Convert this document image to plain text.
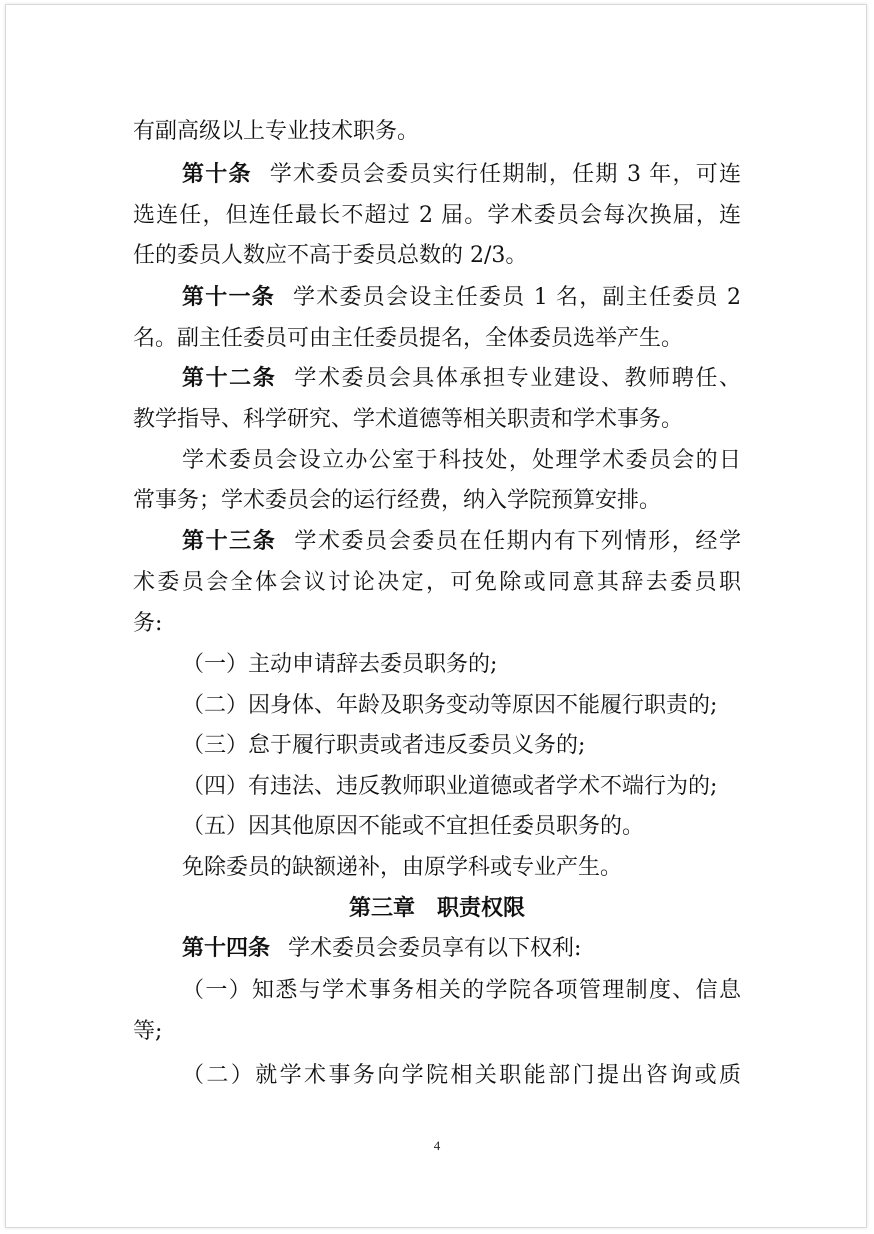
有副高级以上专业技术职务。
第十条 学术委员会委员实行任期制，任期 3 年，可连
选连任，但连任最长不超过 2 届。学术委员会每次换届，连
任的委员人数应不高于委员总数的 2/3。
第十一条 学术委员会设主任委员 1 名，副主任委员 2
名。副主任委员可由主任委员提名，全体委员选举产生。
第十二条 学术委员会具体承担专业建设、教师聘任、
教学指导、科学研究、学术道德等相关职责和学术事务。
学术委员会设立办公室于科技处，处理学术委员会的日
常事务；学术委员会的运行经费，纳入学院预算安排。
第十三条 学术委员会委员在任期内有下列情形，经学
术委员会全体会议讨论决定，可免除或同意其辞去委员职
务:
（一）主动申请辞去委员职务的;
（二）因身体、年龄及职务变动等原因不能履行职责的;
（三）怠于履行职责或者违反委员义务的;
（四）有违法、违反教师职业道德或者学术不端行为的;
（五）因其他原因不能或不宜担任委员职务的。
免除委员的缺额递补，由原学科或专业产生。
第三章　职责权限
第十四条 学术委员会委员享有以下权利:
（一）知悉与学术事务相关的学院各项管理制度、信息
等;
（二）就学术事务向学院相关职能部门提出咨询或质
4
